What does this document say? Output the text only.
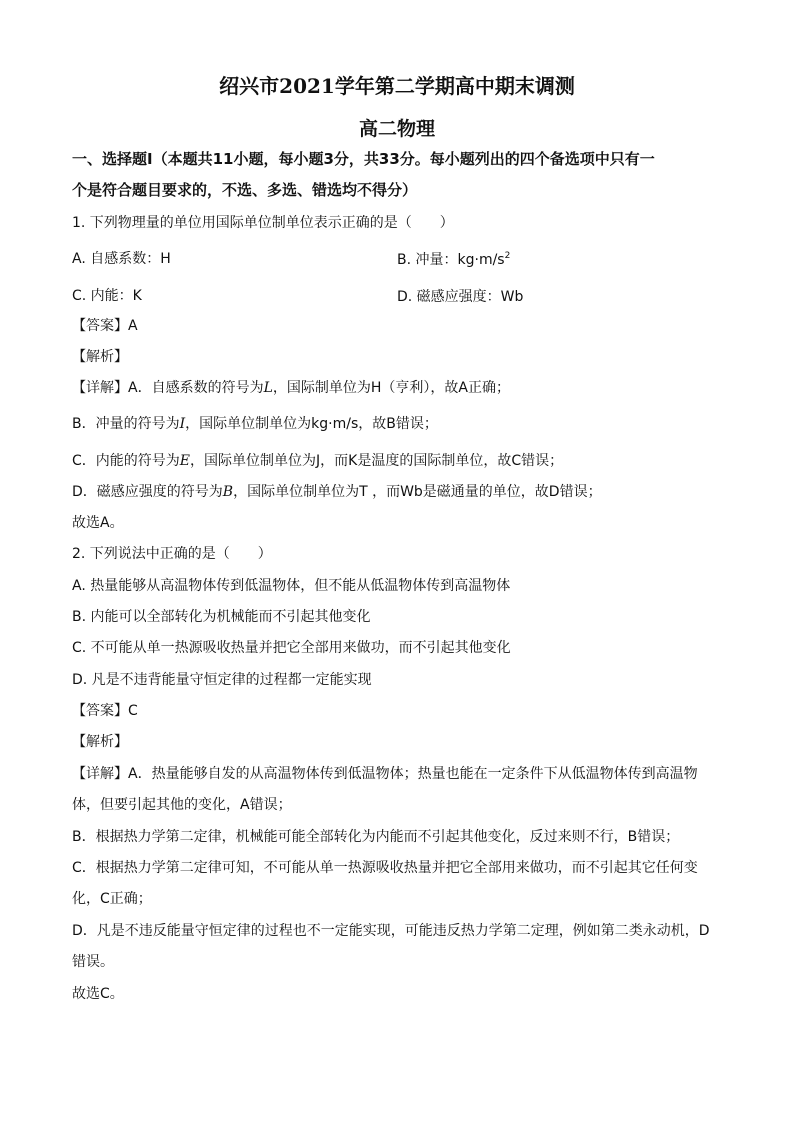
绍兴市2021学年第二学期高中期末调测
高二物理
一、选择题Ⅰ（本题共11小题，每小题3分，共33分。每小题列出的四个备选项中只有一
个是符合题目要求的，不选、多选、错选均不得分）
1. 下列物理量的单位用国际单位制单位表示正确的是（　　）
A. 自感系数：H	B. 冲量：$kg\cdot m/s^2$
C. 内能：K	D. 磁感应强度：Wb
【答案】A
【解析】
【详解】A．自感系数的符号为L，国际制单位为H（亨利），故A正确；
B．冲量的符号为I，国际单位制单位为kg·m/s，故B错误；
C．内能的符号为E，国际单位制单位为J，而K是温度的国际制单位，故C错误；
D．磁感应强度的符号为B，国际单位制单位为T ，而Wb是磁通量的单位，故D错误；
故选A。
2. 下列说法中正确的是（　　）
A. 热量能够从高温物体传到低温物体，但不能从低温物体传到高温物体
B. 内能可以全部转化为机械能而不引起其他变化
C. 不可能从单一热源吸收热量并把它全部用来做功，而不引起其他变化
D. 凡是不违背能量守恒定律的过程都一定能实现
【答案】C
【解析】
【详解】A．热量能够自发的从高温物体传到低温物体；热量也能在一定条件下从低温物体传到高温物
体，但要引起其他的变化，A错误；
B．根据热力学第二定律，机械能可能全部转化为内能而不引起其他变化，反过来则不行，B错误；
C．根据热力学第二定律可知，不可能从单一热源吸收热量并把它全部用来做功，而不引起其它任何变
化，C正确；
D．凡是不违反能量守恒定律的过程也不一定能实现，可能违反热力学第二定理，例如第二类永动机，D
错误。
故选C。
